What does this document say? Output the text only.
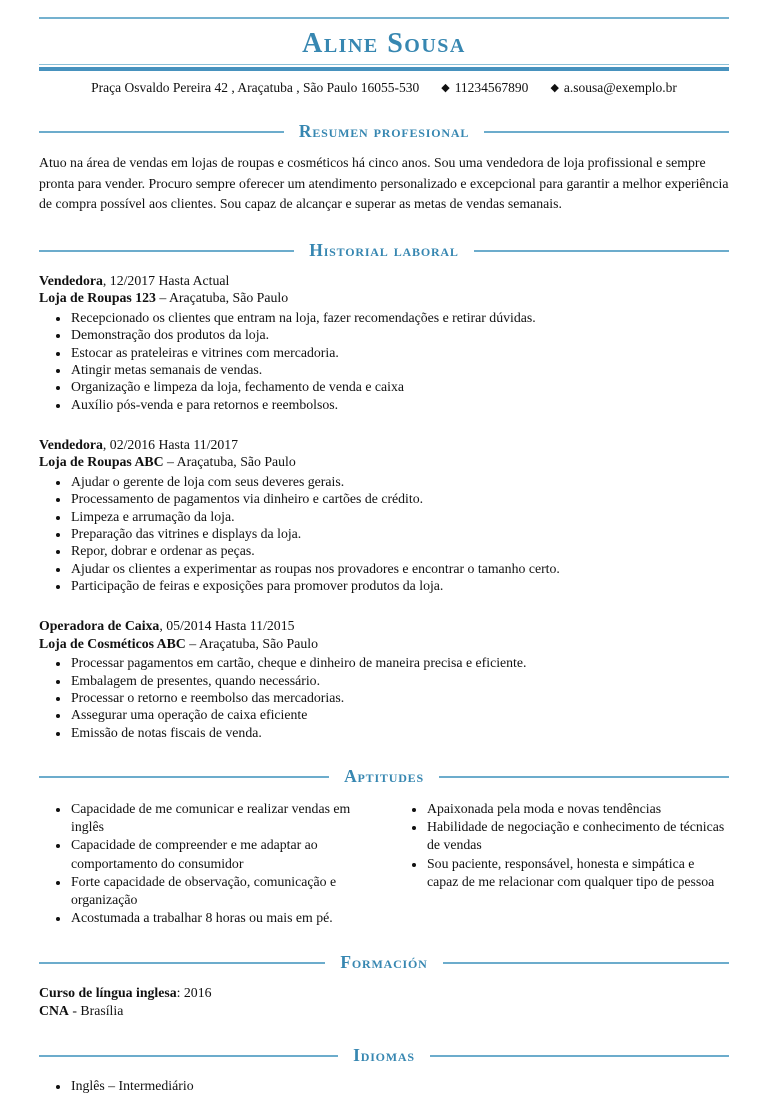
Aline Sousa
Praça Osvaldo Pereira 42 , Araçatuba , São Paulo 16055-530 ◆ 11234567890 ◆ a.sousa@exemplo.br
Resumen profesional

Atuo na área de vendas em lojas de roupas e cosméticos há cinco anos. Sou uma vendedora de loja profissional e sempre pronta para vender. Procuro sempre oferecer um atendimento personalizado e excepcional para garantir a melhor experiência de compra possível aos clientes. Sou capaz de alcançar e superar as metas de vendas semanais.

Historial laboral
Vendedora, 12/2017 Hasta Actual
Loja de Roupas 123 – Araçatuba, São Paulo
• Recepcionado os clientes que entram na loja, fazer recomendações e retirar dúvidas.
• Demonstração dos produtos da loja.
• Estocar as prateleiras e vitrines com mercadoria.
• Atingir metas semanais de vendas.
• Organização e limpeza da loja, fechamento de venda e caixa
• Auxílio pós-venda e para retornos e reembolsos.
Vendedora, 02/2016 Hasta 11/2017
Loja de Roupas ABC – Araçatuba, São Paulo
• Ajudar o gerente de loja com seus deveres gerais.
• Processamento de pagamentos via dinheiro e cartões de crédito.
• Limpeza e arrumação da loja.
• Preparação das vitrines e displays da loja.
• Repor, dobrar e ordenar as peças.
• Ajudar os clientes a experimentar as roupas nos provadores e encontrar o tamanho certo.
• Participação de feiras e exposições para promover produtos da loja.
Operadora de Caixa, 05/2014 Hasta 11/2015
Loja de Cosméticos ABC – Araçatuba, São Paulo
• Processar pagamentos em cartão, cheque e dinheiro de maneira precisa e eficiente.
• Embalagem de presentes, quando necessário.
• Processar o retorno e reembolso das mercadorias.
• Assegurar uma operação de caixa eficiente
• Emissão de notas fiscais de venda.
Aptitudes
• Capacidade de me comunicar e realizar vendas em inglês
• Capacidade de compreender e me adaptar ao comportamento do consumidor
• Forte capacidade de observação, comunicação e organização
• Acostumada a trabalhar 8 horas ou mais em pé.
• Apaixonada pela moda e novas tendências
• Habilidade de negociação e conhecimento de técnicas de vendas
• Sou paciente, responsável, honesta e simpática e capaz de me relacionar com qualquer tipo de pessoa
Formación
Curso de língua inglesa: 2016
CNA - Brasília
Idiomas
• Inglês – Intermediário
